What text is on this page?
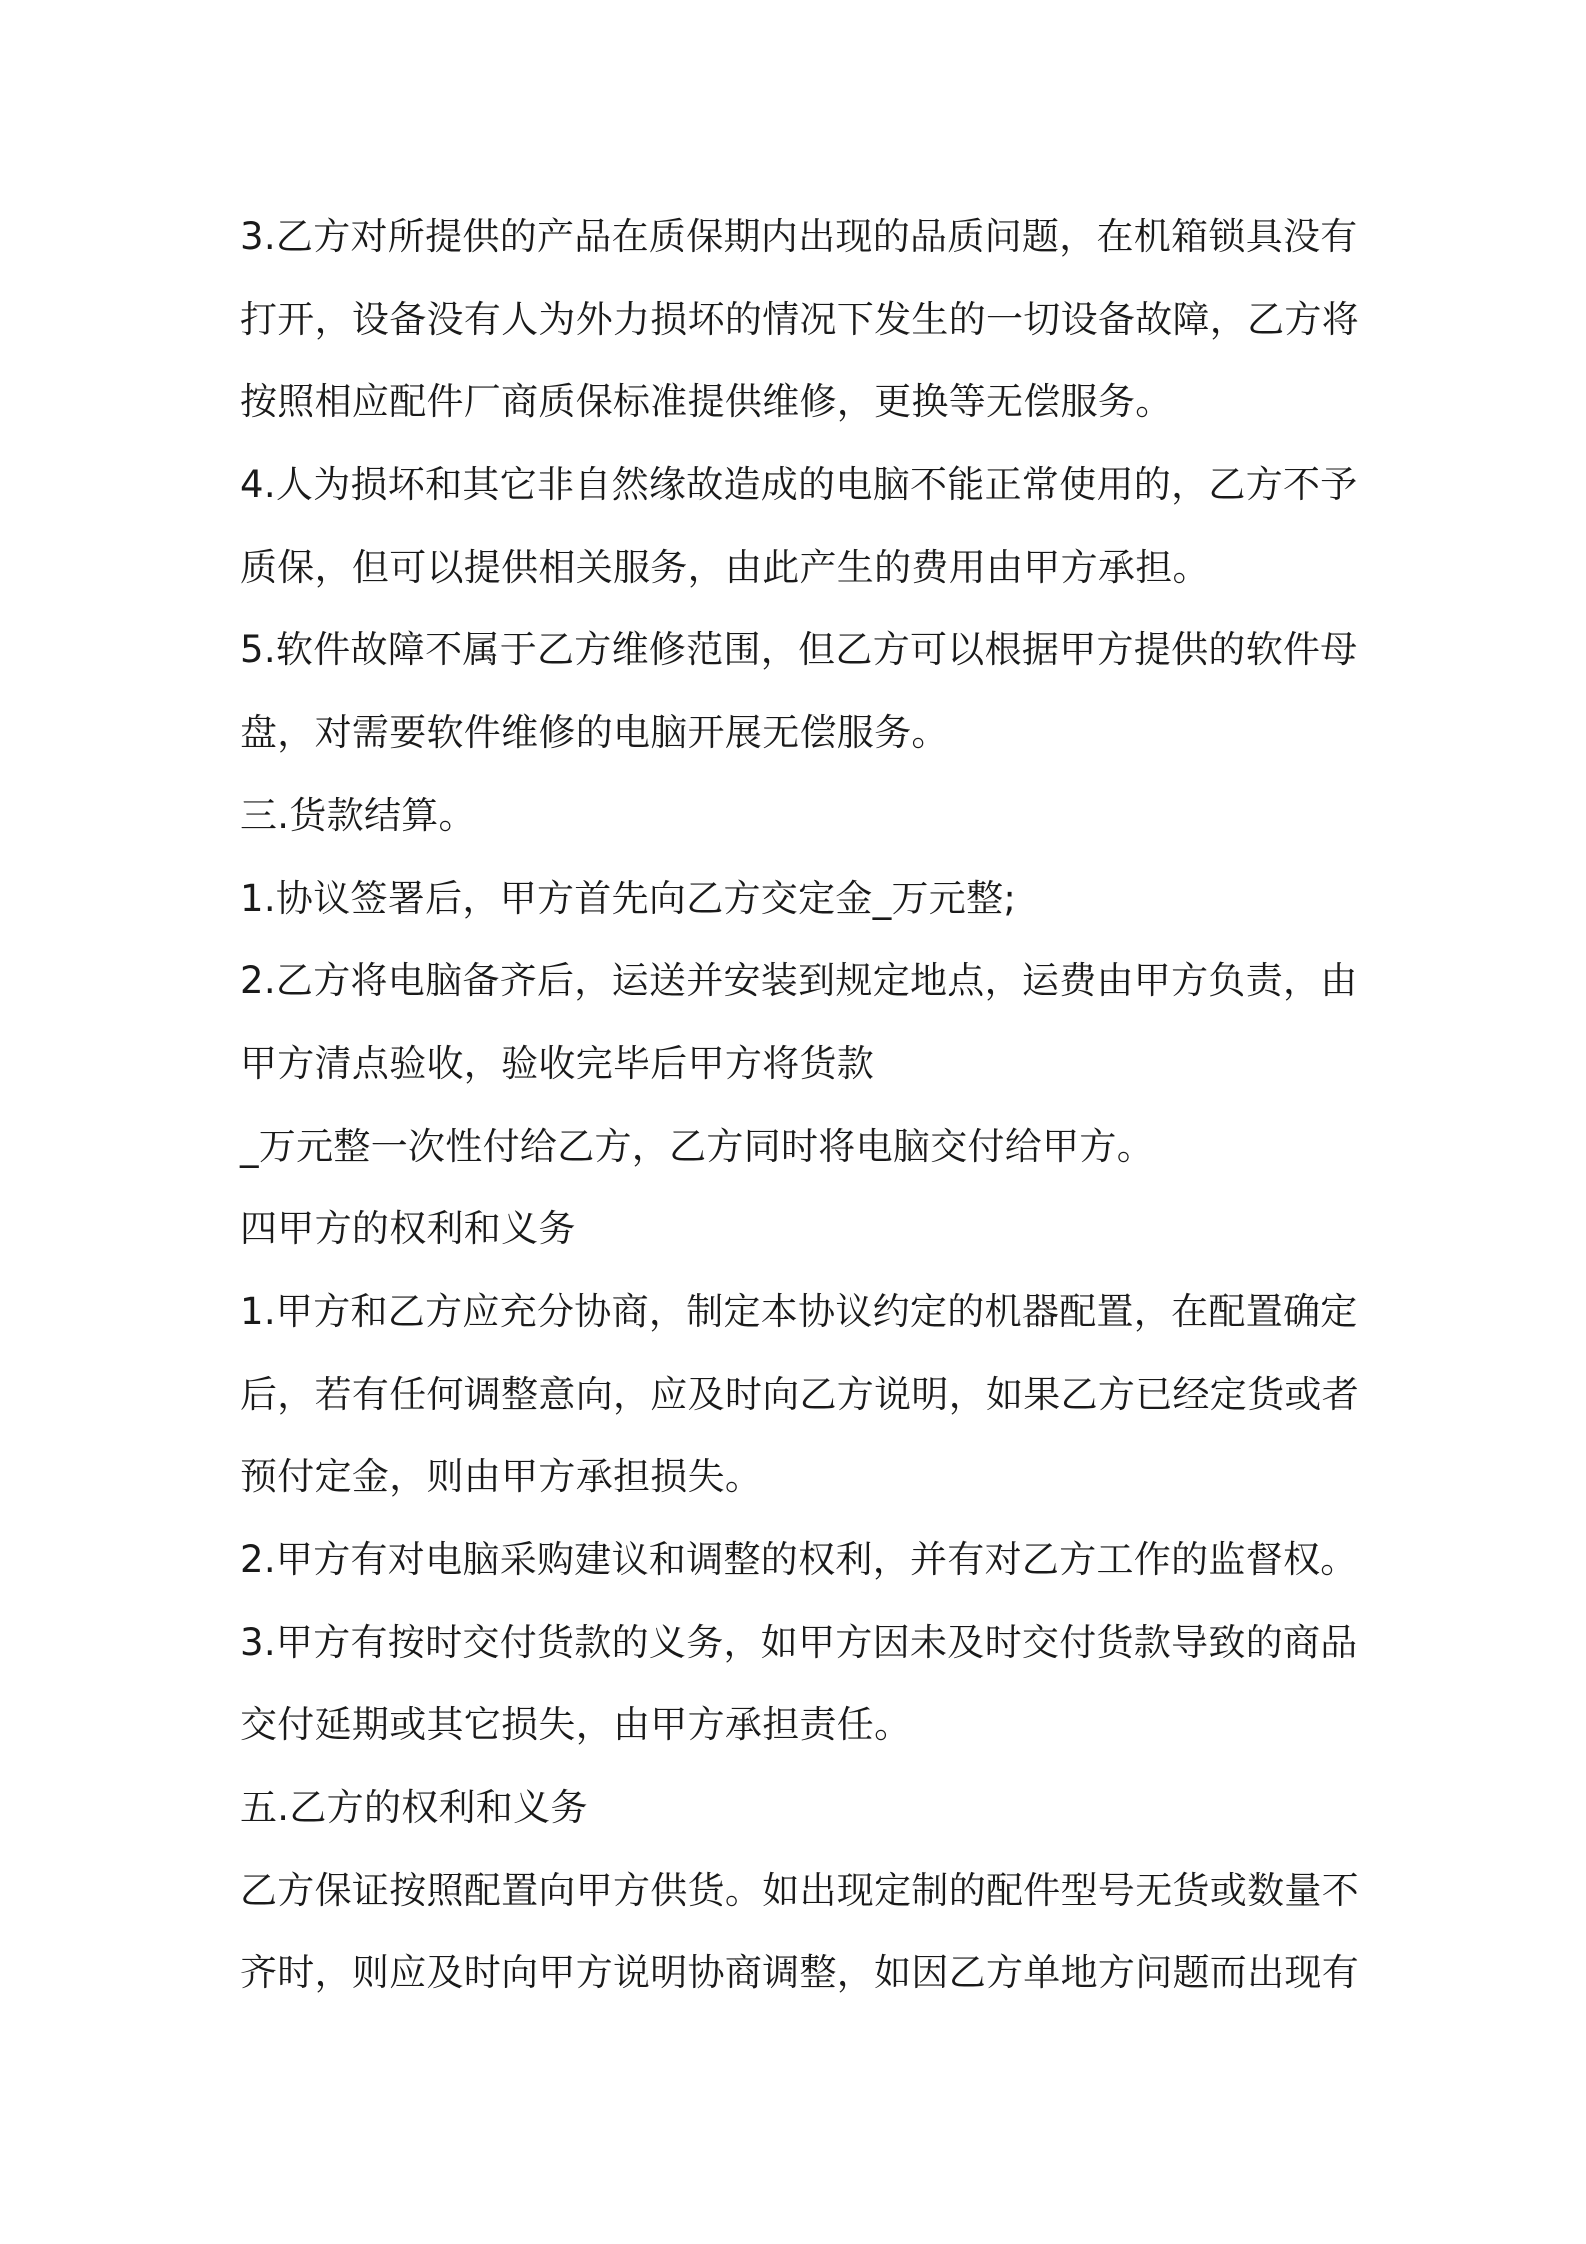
3.乙方对所提供的产品在质保期内出现的品质问题，在机箱锁具没有
打开，设备没有人为外力损坏的情况下发生的一切设备故障，乙方将
按照相应配件厂商质保标准提供维修，更换等无偿服务。
4.人为损坏和其它非自然缘故造成的电脑不能正常使用的，乙方不予
质保，但可以提供相关服务，由此产生的费用由甲方承担。
5.软件故障不属于乙方维修范围，但乙方可以根据甲方提供的软件母
盘，对需要软件维修的电脑开展无偿服务。
三.货款结算。
1.协议签署后，甲方首先向乙方交定金_万元整;
2.乙方将电脑备齐后，运送并安装到规定地点，运费由甲方负责，由
甲方清点验收，验收完毕后甲方将货款
_万元整一次性付给乙方，乙方同时将电脑交付给甲方。
四甲方的权利和义务
1.甲方和乙方应充分协商，制定本协议约定的机器配置，在配置确定
后，若有任何调整意向，应及时向乙方说明，如果乙方已经定货或者
预付定金，则由甲方承担损失。
2.甲方有对电脑采购建议和调整的权利，并有对乙方工作的监督权。
3.甲方有按时交付货款的义务，如甲方因未及时交付货款导致的商品
交付延期或其它损失，由甲方承担责任。
五.乙方的权利和义务
乙方保证按照配置向甲方供货。如出现定制的配件型号无货或数量不
齐时，则应及时向甲方说明协商调整，如因乙方单地方问题而出现有
